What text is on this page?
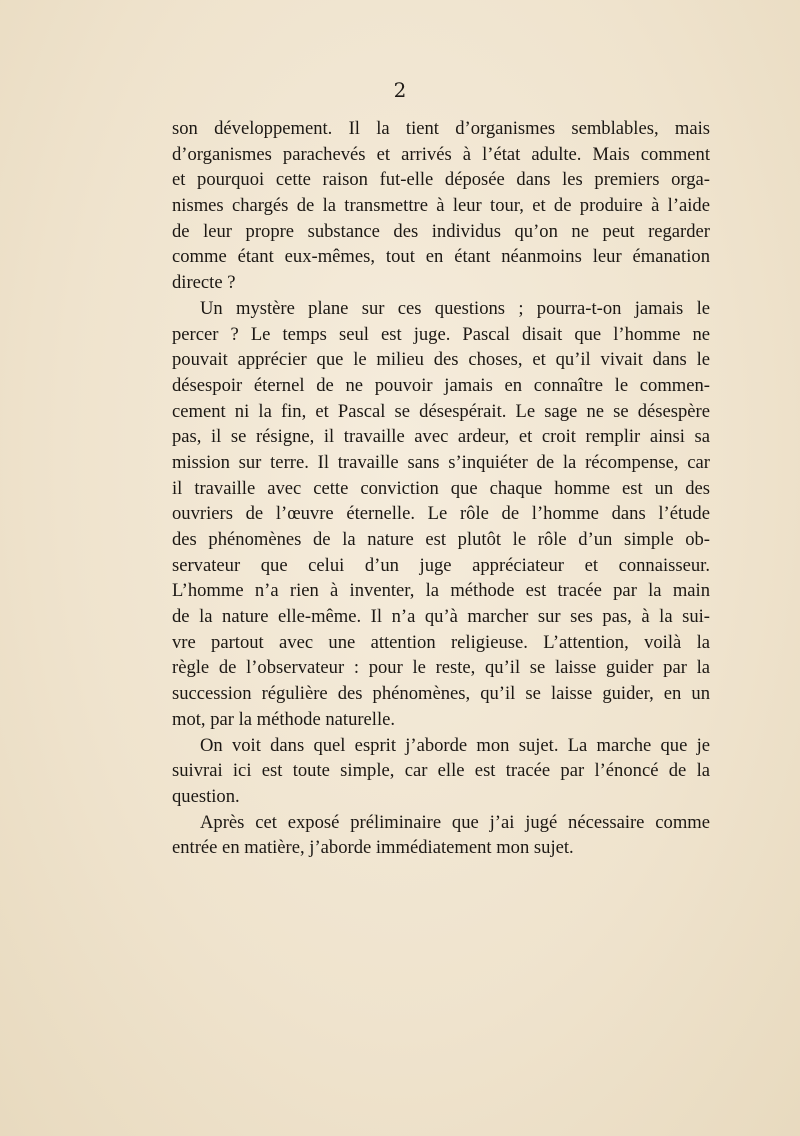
2
son développement. Il la tient d’organismes semblables, mais
d’organismes parachevés et arrivés à l’état adulte. Mais comment
et pourquoi cette raison fut-elle déposée dans les premiers orga-
nismes chargés de la transmettre à leur tour, et de produire à l’aide
de leur propre substance des individus qu’on ne peut regarder
comme étant eux-mêmes, tout en étant néanmoins leur émanation
directe ?
Un mystère plane sur ces questions ; pourra-t-on jamais le
percer ? Le temps seul est juge. Pascal disait que l’homme ne
pouvait apprécier que le milieu des choses, et qu’il vivait dans le
désespoir éternel de ne pouvoir jamais en connaître le commen-
cement ni la fin, et Pascal se désespérait. Le sage ne se désespère
pas, il se résigne, il travaille avec ardeur, et croit remplir ainsi sa
mission sur terre. Il travaille sans s’inquiéter de la récompense, car
il travaille avec cette conviction que chaque homme est un des
ouvriers de l’œuvre éternelle. Le rôle de l’homme dans l’étude
des phénomènes de la nature est plutôt le rôle d’un simple ob-
servateur que celui d’un juge appréciateur et connaisseur.
L’homme n’a rien à inventer, la méthode est tracée par la main
de la nature elle-même. Il n’a qu’à marcher sur ses pas, à la sui-
vre partout avec une attention religieuse. L’attention, voilà la
règle de l’observateur : pour le reste, qu’il se laisse guider par la
succession régulière des phénomènes, qu’il se laisse guider, en un
mot, par la méthode naturelle.
On voit dans quel esprit j’aborde mon sujet. La marche que je
suivrai ici est toute simple, car elle est tracée par l’énoncé de la
question.
Après cet exposé préliminaire que j’ai jugé nécessaire comme
entrée en matière, j’aborde immédiatement mon sujet.
